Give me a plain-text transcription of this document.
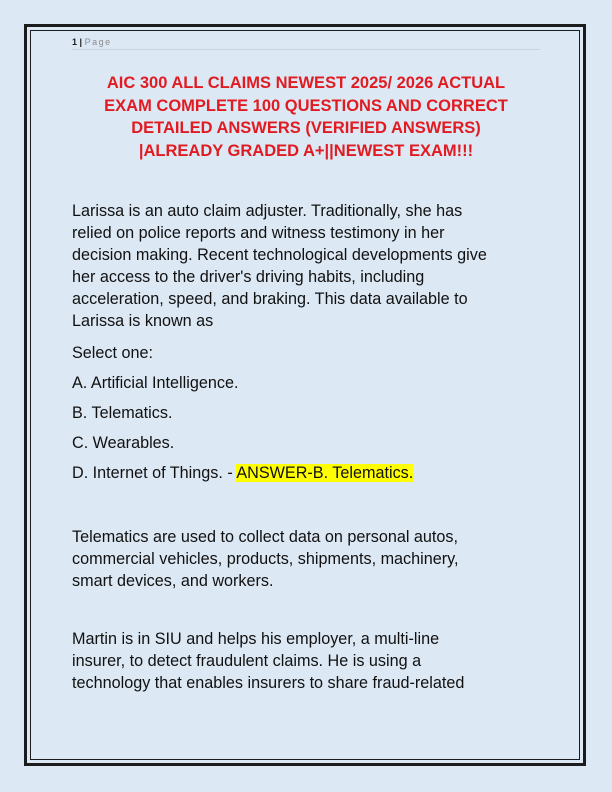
1 | Page
AIC 300 ALL CLAIMS NEWEST 2025/ 2026 ACTUAL
EXAM COMPLETE 100 QUESTIONS AND CORRECT
DETAILED ANSWERS (VERIFIED ANSWERS)
|ALREADY GRADED A+||NEWEST EXAM!!!
Larissa is an auto claim adjuster. Traditionally, she has
relied on police reports and witness testimony in her
decision making. Recent technological developments give
her access to the driver's driving habits, including
acceleration, speed, and braking. This data available to
Larissa is known as
Select one:
A. Artificial Intelligence.
B. Telematics.
C. Wearables.
D. Internet of Things. - ANSWER-B. Telematics.
Telematics are used to collect data on personal autos,
commercial vehicles, products, shipments, machinery,
smart devices, and workers.
Martin is in SIU and helps his employer, a multi-line
insurer, to detect fraudulent claims. He is using a
technology that enables insurers to share fraud-related
